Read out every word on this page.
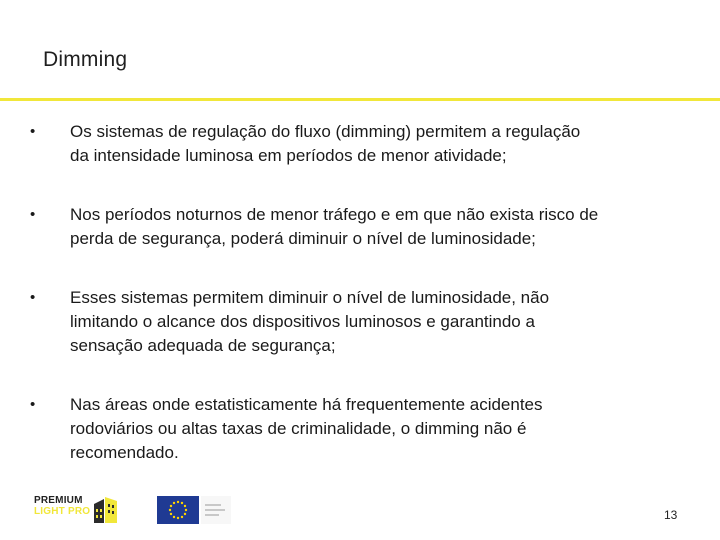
Dimming
•	Os sistemas de regulação do fluxo (dimming) permitem a regulação
da intensidade luminosa em períodos de menor atividade;
•	Nos períodos noturnos de menor tráfego e em que não exista risco de
perda de segurança, poderá diminuir o nível de luminosidade;
•	Esses sistemas permitem diminuir o nível de luminosidade, não
limitando o alcance dos dispositivos luminosos e garantindo a
sensação adequada de segurança;
•	Nas áreas onde estatisticamente há frequentemente acidentes
rodoviários ou altas taxas de criminalidade, o dimming não é
recomendado.
PREMIUM
LIGHT PRO	13
